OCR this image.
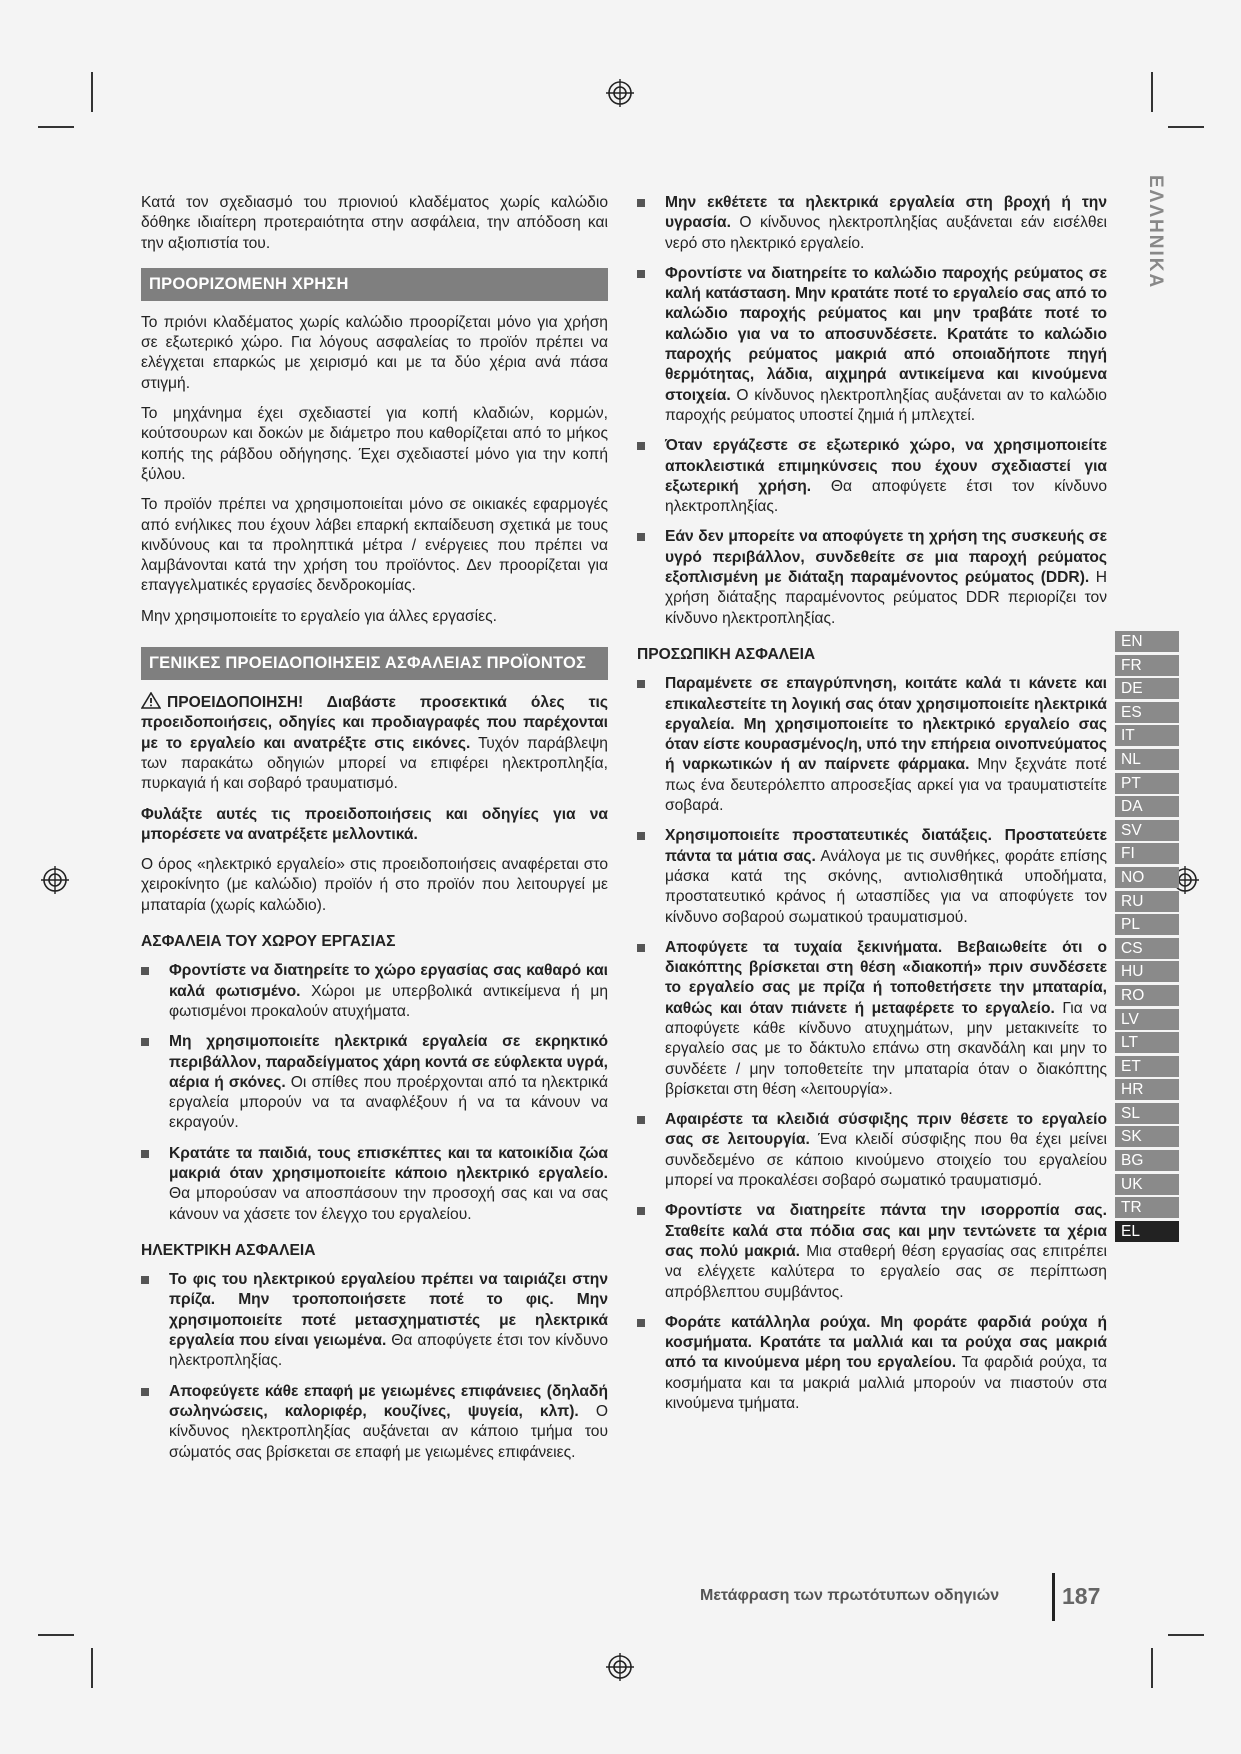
ΕΛΛΗΝΙΚΑ
EN
FR
DE
ES
IT
NL
PT
DA
SV
FI
NO
RU
PL
CS
HU
RO
LV
LT
ET
HR
SL
SK
BG
UK
TR
EL

Κατά τον σχεδιασμό του πριονιού κλαδέματος χωρίς καλώδιο δόθηκε ιδιαίτερη προτεραιότητα στην ασφάλεια, την απόδοση και την αξιοπιστία του.

ΠΡΟΟΡΙΖΟΜΕΝΗ ΧΡΗΣΗ

Το πριόνι κλαδέματος χωρίς καλώδιο προορίζεται μόνο για χρήση σε εξωτερικό χώρο. Για λόγους ασφαλείας το προϊόν πρέπει να ελέγχεται επαρκώς με χειρισμό και με τα δύο χέρια ανά πάσα στιγμή.

Το μηχάνημα έχει σχεδιαστεί για κοπή κλαδιών, κορμών, κούτσουρων και δοκών με διάμετρο που καθορίζεται από το μήκος κοπής της ράβδου οδήγησης. Έχει σχεδιαστεί μόνο για την κοπή ξύλου.

Το προϊόν πρέπει να χρησιμοποιείται μόνο σε οικιακές εφαρμογές από ενήλικες που έχουν λάβει επαρκή εκπαίδευση σχετικά με τους κινδύνους και τα προληπτικά μέτρα / ενέργειες που πρέπει να λαμβάνονται κατά την χρήση του προϊόντος. Δεν προορίζεται για επαγγελματικές εργασίες δενδροκομίας.

Μην χρησιμοποιείτε το εργαλείο για άλλες εργασίες.

ΓΕΝΙΚΕΣ ΠΡΟΕΙΔΟΠΟΙΗΣΕΙΣ ΑΣΦΑΛΕΙΑΣ ΠΡΟΪΟΝΤΟΣ

ΠΡΟΕΙΔΟΠΟΙΗΣΗ! Διαβάστε προσεκτικά όλες τις προειδοποιήσεις, οδηγίες και προδιαγραφές που παρέχονται με το εργαλείο και ανατρέξτε στις εικόνες. Τυχόν παράβλεψη των παρακάτω οδηγιών μπορεί να επιφέρει ηλεκτροπληξία, πυρκαγιά ή και σοβαρό τραυματισμό.

Φυλάξτε αυτές τις προειδοποιήσεις και οδηγίες για να μπορέσετε να ανατρέξετε μελλοντικά.

Ο όρος «ηλεκτρικό εργαλείο» στις προειδοποιήσεις αναφέρεται στο χειροκίνητο (με καλώδιο) προϊόν ή στο προϊόν που λειτουργεί με μπαταρία (χωρίς καλώδιο).

ΑΣΦΑΛΕΙΑ ΤΟΥ ΧΩΡΟΥ ΕΡΓΑΣΙΑΣ
Φροντίστε να διατηρείτε το χώρο εργασίας σας καθαρό και καλά φωτισμένο. Χώροι με υπερβολικά αντικείμενα ή μη φωτισμένοι προκαλούν ατυχήματα.
Μη χρησιμοποιείτε ηλεκτρικά εργαλεία σε εκρηκτικό περιβάλλον, παραδείγματος χάρη κοντά σε εύφλεκτα υγρά, αέρια ή σκόνες. Οι σπίθες που προέρχονται από τα ηλεκτρικά εργαλεία μπορούν να τα αναφλέξουν ή να τα κάνουν να εκραγούν.
Κρατάτε τα παιδιά, τους επισκέπτες και τα κατοικίδια ζώα μακριά όταν χρησιμοποιείτε κάποιο ηλεκτρικό εργαλείο. Θα μπορούσαν να αποσπάσουν την προσοχή σας και να σας κάνουν να χάσετε τον έλεγχο του εργαλείου.
ΗΛΕΚΤΡΙΚΗ ΑΣΦΑΛΕΙΑ
Το φις του ηλεκτρικού εργαλείου πρέπει να ταιριάζει στην πρίζα. Μην τροποποιήσετε ποτέ το φις. Μην χρησιμοποιείτε ποτέ μετασχηματιστές με ηλεκτρικά εργαλεία που είναι γειωμένα. Θα αποφύγετε έτσι τον κίνδυνο ηλεκτροπληξίας.
Αποφεύγετε κάθε επαφή με γειωμένες επιφάνειες (δηλαδή σωληνώσεις, καλοριφέρ, κουζίνες, ψυγεία, κλπ). Ο κίνδυνος ηλεκτροπληξίας αυξάνεται αν κάποιο τμήμα του σώματός σας βρίσκεται σε επαφή με γειωμένες επιφάνειες.
Μην εκθέτετε τα ηλεκτρικά εργαλεία στη βροχή ή την υγρασία. Ο κίνδυνος ηλεκτροπληξίας αυξάνεται εάν εισέλθει νερό στο ηλεκτρικό εργαλείο.
Φροντίστε να διατηρείτε το καλώδιο παροχής ρεύματος σε καλή κατάσταση. Μην κρατάτε ποτέ το εργαλείο σας από το καλώδιο παροχής ρεύματος και μην τραβάτε ποτέ το καλώδιο για να το αποσυνδέσετε. Κρατάτε το καλώδιο παροχής ρεύματος μακριά από οποιαδήποτε πηγή θερμότητας, λάδια, αιχμηρά αντικείμενα και κινούμενα στοιχεία. Ο κίνδυνος ηλεκτροπληξίας αυξάνεται αν το καλώδιο παροχής ρεύματος υποστεί ζημιά ή μπλεχτεί.
Όταν εργάζεστε σε εξωτερικό χώρο, να χρησιμοποιείτε αποκλειστικά επιμηκύνσεις που έχουν σχεδιαστεί για εξωτερική χρήση. Θα αποφύγετε έτσι τον κίνδυνο ηλεκτροπληξίας.
Εάν δεν μπορείτε να αποφύγετε τη χρήση της συσκευής σε υγρό περιβάλλον, συνδεθείτε σε μια παροχή ρεύματος εξοπλισμένη με διάταξη παραμένοντος ρεύματος (DDR). Η χρήση διάταξης παραμένοντος ρεύματος DDR περιορίζει τον κίνδυνο ηλεκτροπληξίας.
ΠΡΟΣΩΠΙΚΗ ΑΣΦΑΛΕΙΑ
Παραμένετε σε επαγρύπνηση, κοιτάτε καλά τι κάνετε και επικαλεστείτε τη λογική σας όταν χρησιμοποιείτε ηλεκτρικά εργαλεία. Μη χρησιμοποιείτε το ηλεκτρικό εργαλείο σας όταν είστε κουρασμένος/η, υπό την επήρεια οινοπνεύματος ή ναρκωτικών ή αν παίρνετε φάρμακα. Μην ξεχνάτε ποτέ πως ένα δευτερόλεπτο απροσεξίας αρκεί για να τραυματιστείτε σοβαρά.
Χρησιμοποιείτε προστατευτικές διατάξεις. Προστατεύετε πάντα τα μάτια σας. Ανάλογα με τις συνθήκες, φοράτε επίσης μάσκα κατά της σκόνης, αντιολισθητικά υποδήματα, προστατευτικό κράνος ή ωτασπίδες για να αποφύγετε τον κίνδυνο σοβαρού σωματικού τραυματισμού.
Αποφύγετε τα τυχαία ξεκινήματα. Βεβαιωθείτε ότι ο διακόπτης βρίσκεται στη θέση «διακοπή» πριν συνδέσετε το εργαλείο σας με πρίζα ή τοποθετήσετε την μπαταρία, καθώς και όταν πιάνετε ή μεταφέρετε το εργαλείο. Για να αποφύγετε κάθε κίνδυνο ατυχημάτων, μην μετακινείτε το εργαλείο σας με το δάκτυλο επάνω στη σκανδάλη και μην το συνδέετε / μην τοποθετείτε την μπαταρία όταν ο διακόπτης βρίσκεται στη θέση «λειτουργία».
Αφαιρέστε τα κλειδιά σύσφιξης πριν θέσετε το εργαλείο σας σε λειτουργία. Ένα κλειδί σύσφιξης που θα έχει μείνει συνδεδεμένο σε κάποιο κινούμενο στοιχείο του εργαλείου μπορεί να προκαλέσει σοβαρό σωματικό τραυματισμό.
Φροντίστε να διατηρείτε πάντα την ισορροπία σας. Σταθείτε καλά στα πόδια σας και μην τεντώνετε τα χέρια σας πολύ μακριά. Μια σταθερή θέση εργασίας σας επιτρέπει να ελέγχετε καλύτερα το εργαλείο σας σε περίπτωση απρόβλεπτου συμβάντος.
Φοράτε κατάλληλα ρούχα. Μη φοράτε φαρδιά ρούχα ή κοσμήματα. Κρατάτε τα μαλλιά και τα ρούχα σας μακριά από τα κινούμενα μέρη του εργαλείου. Τα φαρδιά ρούχα, τα κοσμήματα και τα μακριά μαλλιά μπορούν να πιαστούν στα κινούμενα τμήματα.
Μετάφραση των πρωτότυπων οδηγιών	187
